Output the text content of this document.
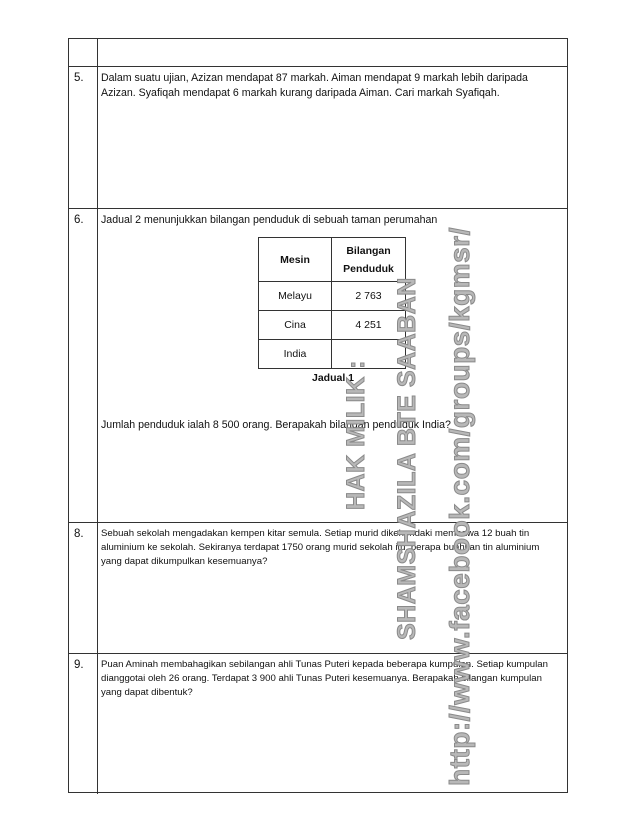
5. Dalam suatu ujian, Azizan mendapat 87 markah. Aiman mendapat 9 markah lebih daripada Azizan. Syafiqah mendapat 6 markah kurang daripada Aiman. Cari markah Syafiqah.
6. Jadual 2 menunjukkan bilangan penduduk di sebuah taman perumahan
Mesin	Bilangan Penduduk
Melayu	2 763
Cina	4 251
India	
Jadual 1
Jumlah penduduk ialah 8 500 orang. Berapakah bilangan penduduk India?
8. Sebuah sekolah mengadakan kempen kitar semula. Setiap murid dikehendaki membawa 12 buah tin aluminium ke sekolah. Sekiranya terdapat 1750 orang murid sekolah itu, berapa buahkan tin aluminium yang dapat dikumpulkan kesemuanya?
9. Puan Aminah membahagikan sebilangan ahli Tunas Puteri kepada beberapa kumpulan. Setiap kumpulan dianggotai oleh 26 orang. Terdapat 3 900 ahli Tunas Puteri kesemuanya. Berapakah bilangan kumpulan yang dapat dibentuk?
HAK MILIK : SHAMSHAZILA BTE SAABAN http://www.facebook.com/groups/kgmsr/
